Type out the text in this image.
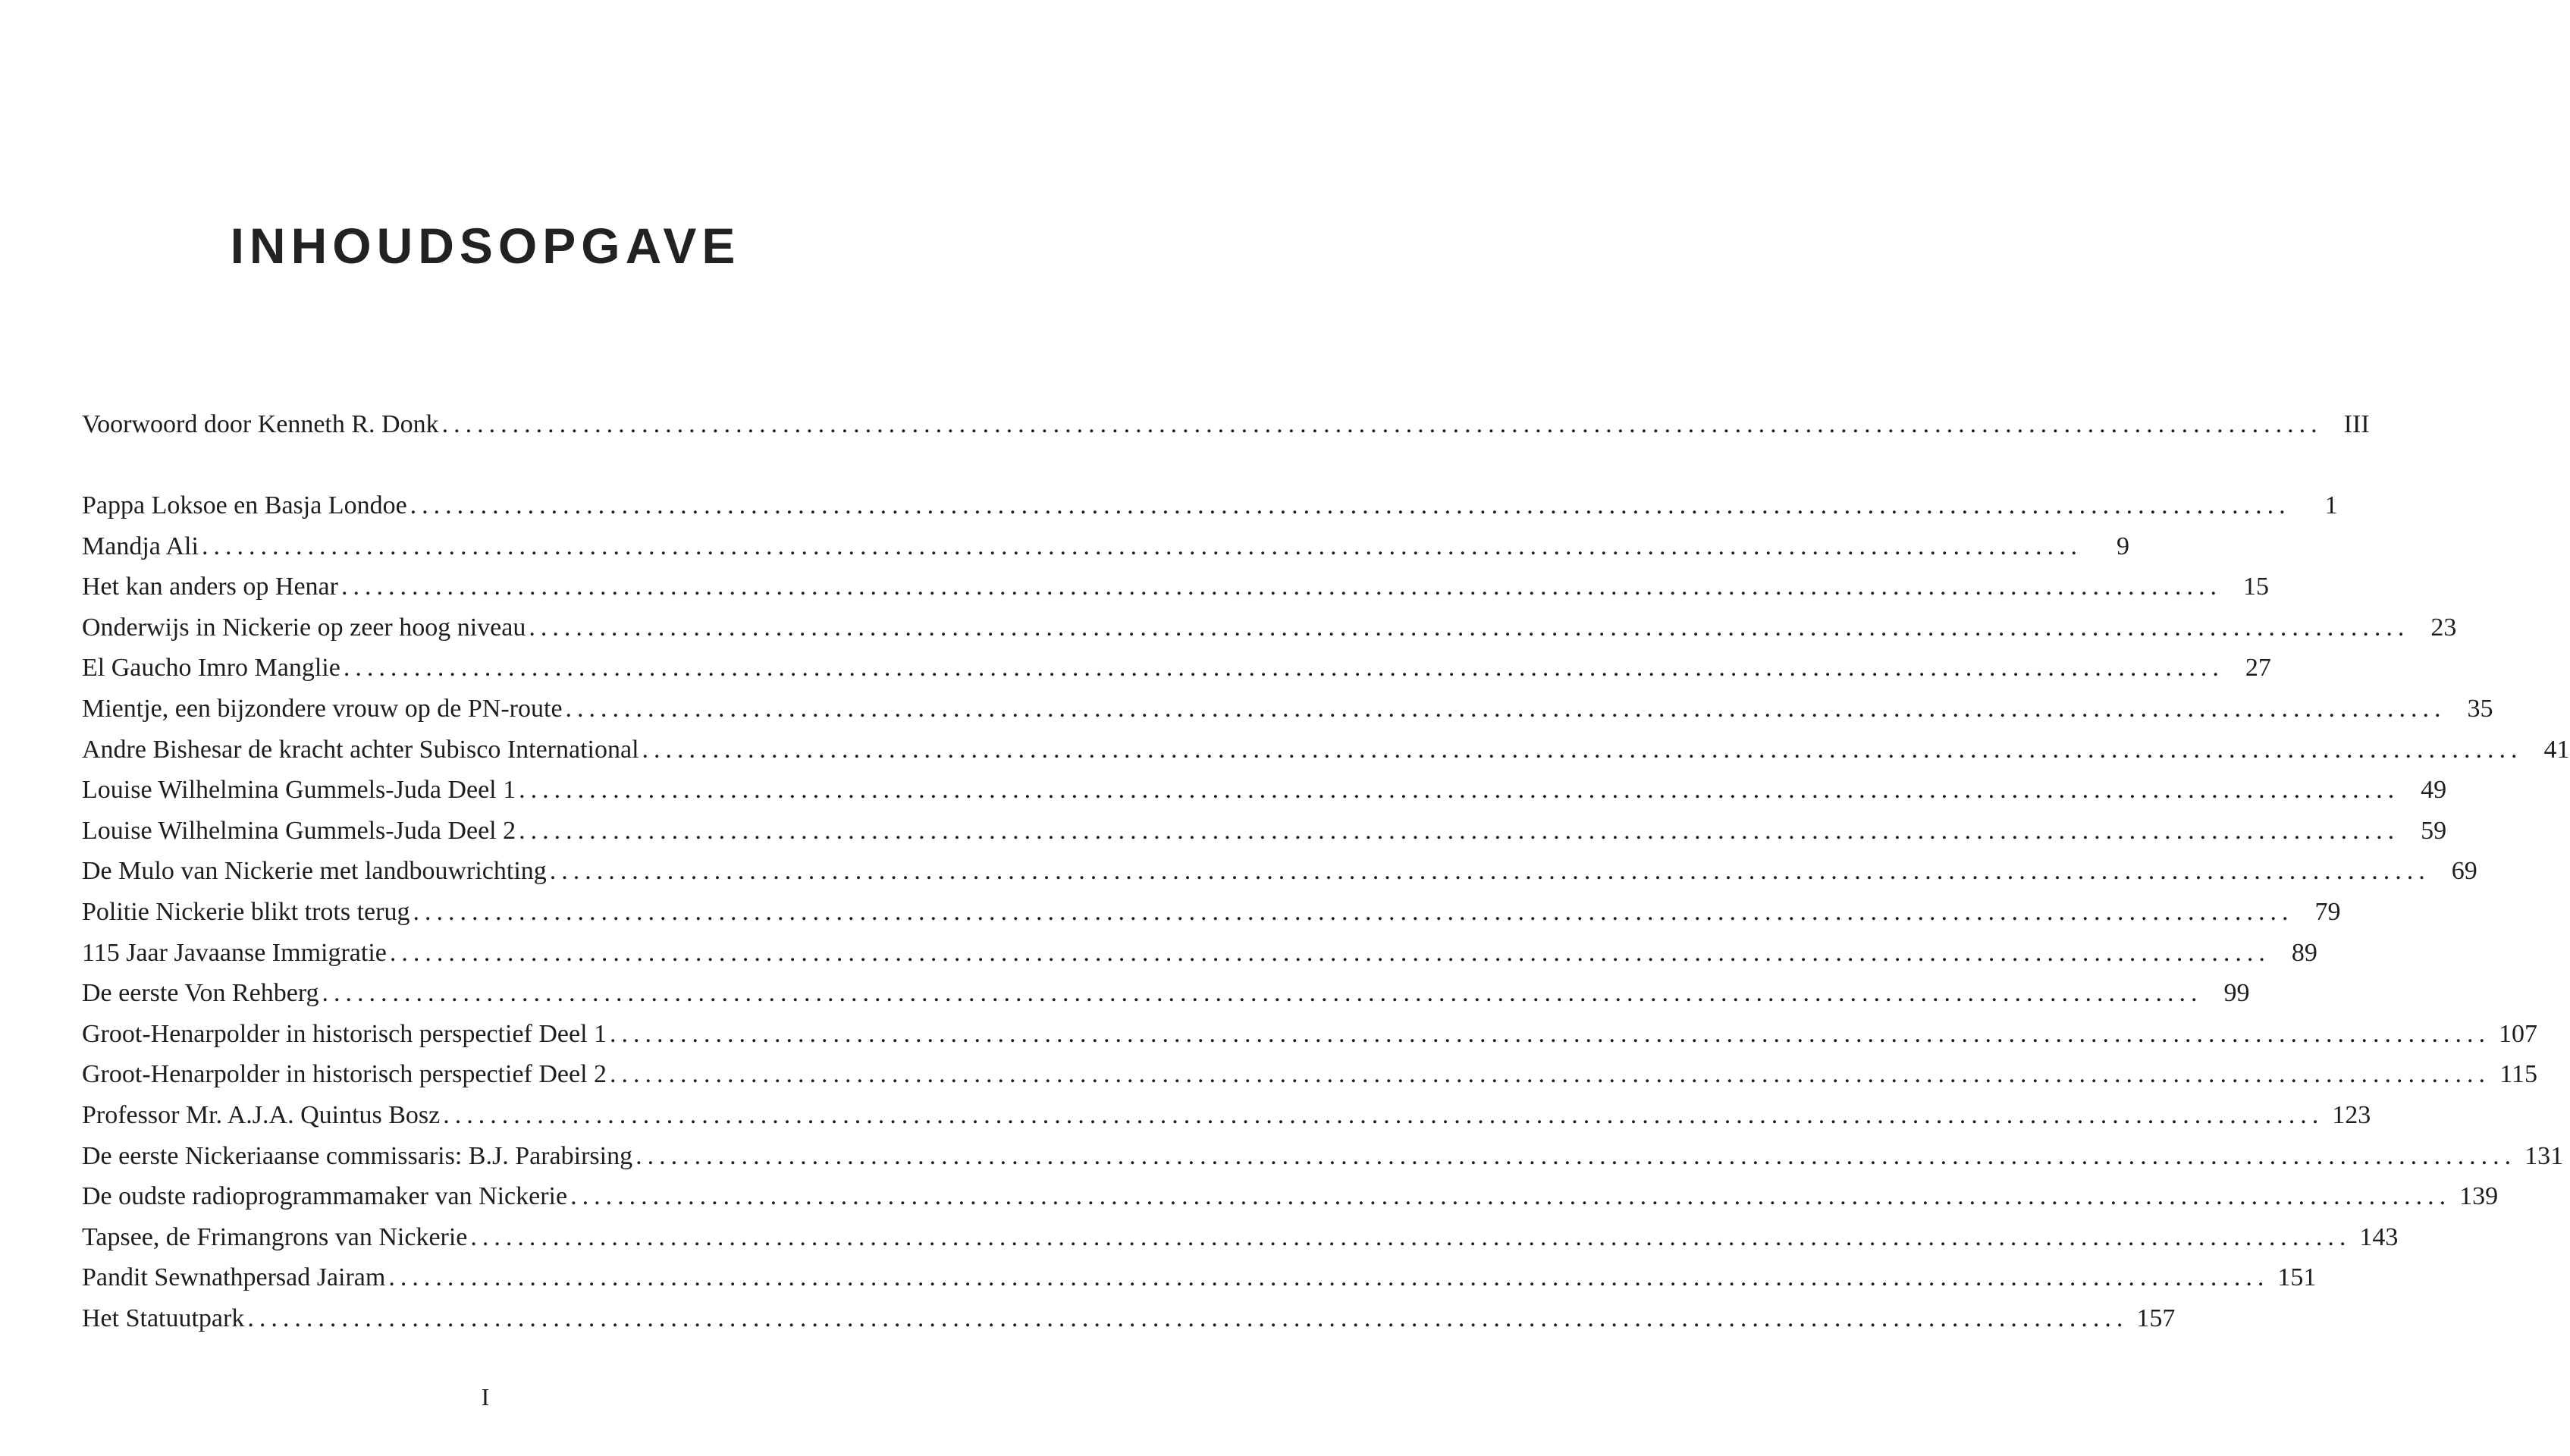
INHOUDSOPGAVE
Voorwoord door Kenneth R. Donk ................................................................................................................................................................ III
Pappa Loksoe en Basja Londoe ................................................................................................................................................................	1
Mandja Ali ................................................................................................................................................................	9
Het kan anders op Henar ................................................................................................................................................................ 15
Onderwijs in Nickerie op zeer hoog niveau ................................................................................................................................................................ 23
El Gaucho Imro Manglie ................................................................................................................................................................ 27
Mientje, een bijzondere vrouw op de PN-route ................................................................................................................................................................ 35
Andre Bishesar de kracht achter Subisco International ................................................................................................................................................................ 41
Louise Wilhelmina Gummels-Juda Deel 1 ................................................................................................................................................................ 49
Louise Wilhelmina Gummels-Juda Deel 2 ................................................................................................................................................................ 59
De Mulo van Nickerie met landbouwrichting ................................................................................................................................................................ 69
Politie Nickerie blikt trots terug ................................................................................................................................................................ 79
115 Jaar Javaanse Immigratie ................................................................................................................................................................ 89
De eerste Von Rehberg ................................................................................................................................................................ 99
Groot-Henarpolder in historisch perspectief Deel 1 ................................................................................................................................................................ 107
Groot-Henarpolder in historisch perspectief Deel 2 ................................................................................................................................................................ 115
Professor Mr. A.J.A. Quintus Bosz ................................................................................................................................................................ 123
De eerste Nickeriaanse commissaris: B.J. Parabirsing ................................................................................................................................................................ 131
De oudste radioprogrammamaker van Nickerie ................................................................................................................................................................ 139
Tapsee, de Frimangrons van Nickerie ................................................................................................................................................................ 143
Pandit Sewnathpersad Jairam ................................................................................................................................................................ 151
Het Statuutpark ................................................................................................................................................................ 157
I
